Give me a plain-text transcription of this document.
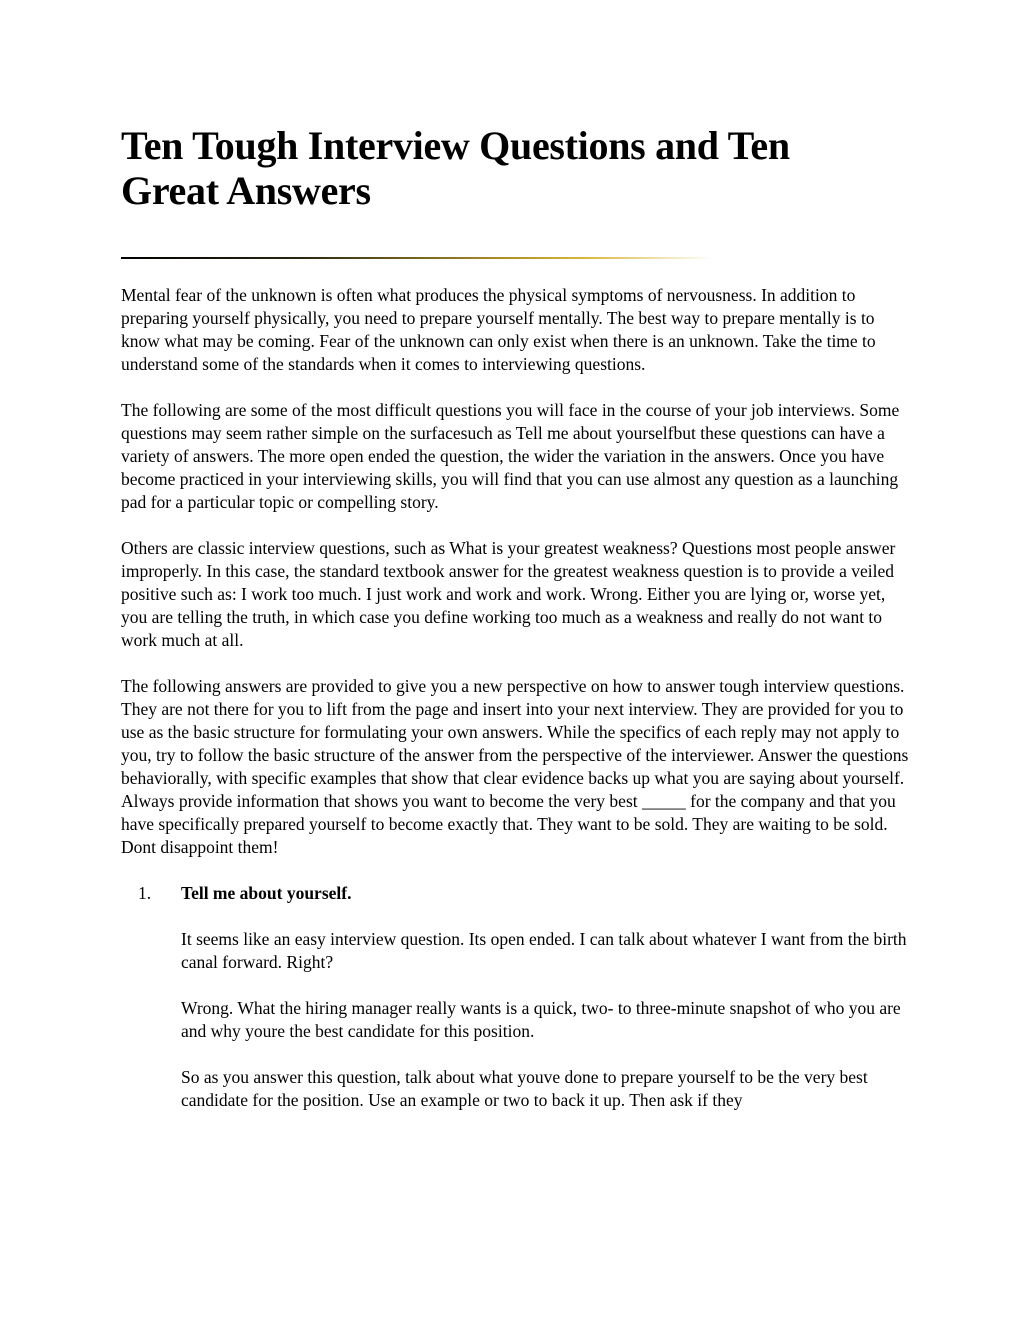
Ten Tough Interview Questions and Ten
Great Answers

Mental fear of the unknown is often what produces the physical symptoms of nervousness. In addition to preparing yourself physically, you need to prepare yourself mentally. The best way to prepare mentally is to know what may be coming. Fear of the unknown can only exist when there is an unknown. Take the time to understand some of the standards when it comes to interviewing questions.

The following are some of the most difficult questions you will face in the course of your job interviews. Some questions may seem rather simple on the surfacesuch as Tell me about yourselfbut these questions can have a variety of answers. The more open ended the question, the wider the variation in the answers. Once you have become practiced in your interviewing skills, you will find that you can use almost any question as a launching pad for a particular topic or compelling story.

Others are classic interview questions, such as What is your greatest weakness? Questions most people answer improperly. In this case, the standard textbook answer for the greatest weakness question is to provide a veiled positive such as: I work too much. I just work and work and work. Wrong. Either you are lying or, worse yet, you are telling the truth, in which case you define working too much as a weakness and really do not want to work much at all.

The following answers are provided to give you a new perspective on how to answer tough interview questions. They are not there for you to lift from the page and insert into your next interview. They are provided for you to use as the basic structure for formulating your own answers. While the specifics of each reply may not apply to you, try to follow the basic structure of the answer from the perspective of the interviewer. Answer the questions behaviorally, with specific examples that show that clear evidence backs up what you are saying about yourself. Always provide information that shows you want to become the very best _____ for the company and that you have specifically prepared yourself to become exactly that. They want to be sold. They are waiting to be sold. Dont disappoint them!

1. Tell me about yourself.
It seems like an easy interview question. Its open ended. I can talk about whatever I want from the birth canal forward. Right?
Wrong. What the hiring manager really wants is a quick, two- to three-minute snapshot of who you are and why youre the best candidate for this position.
So as you answer this question, talk about what youve done to prepare yourself to be the very best candidate for the position. Use an example or two to back it up. Then ask if they
